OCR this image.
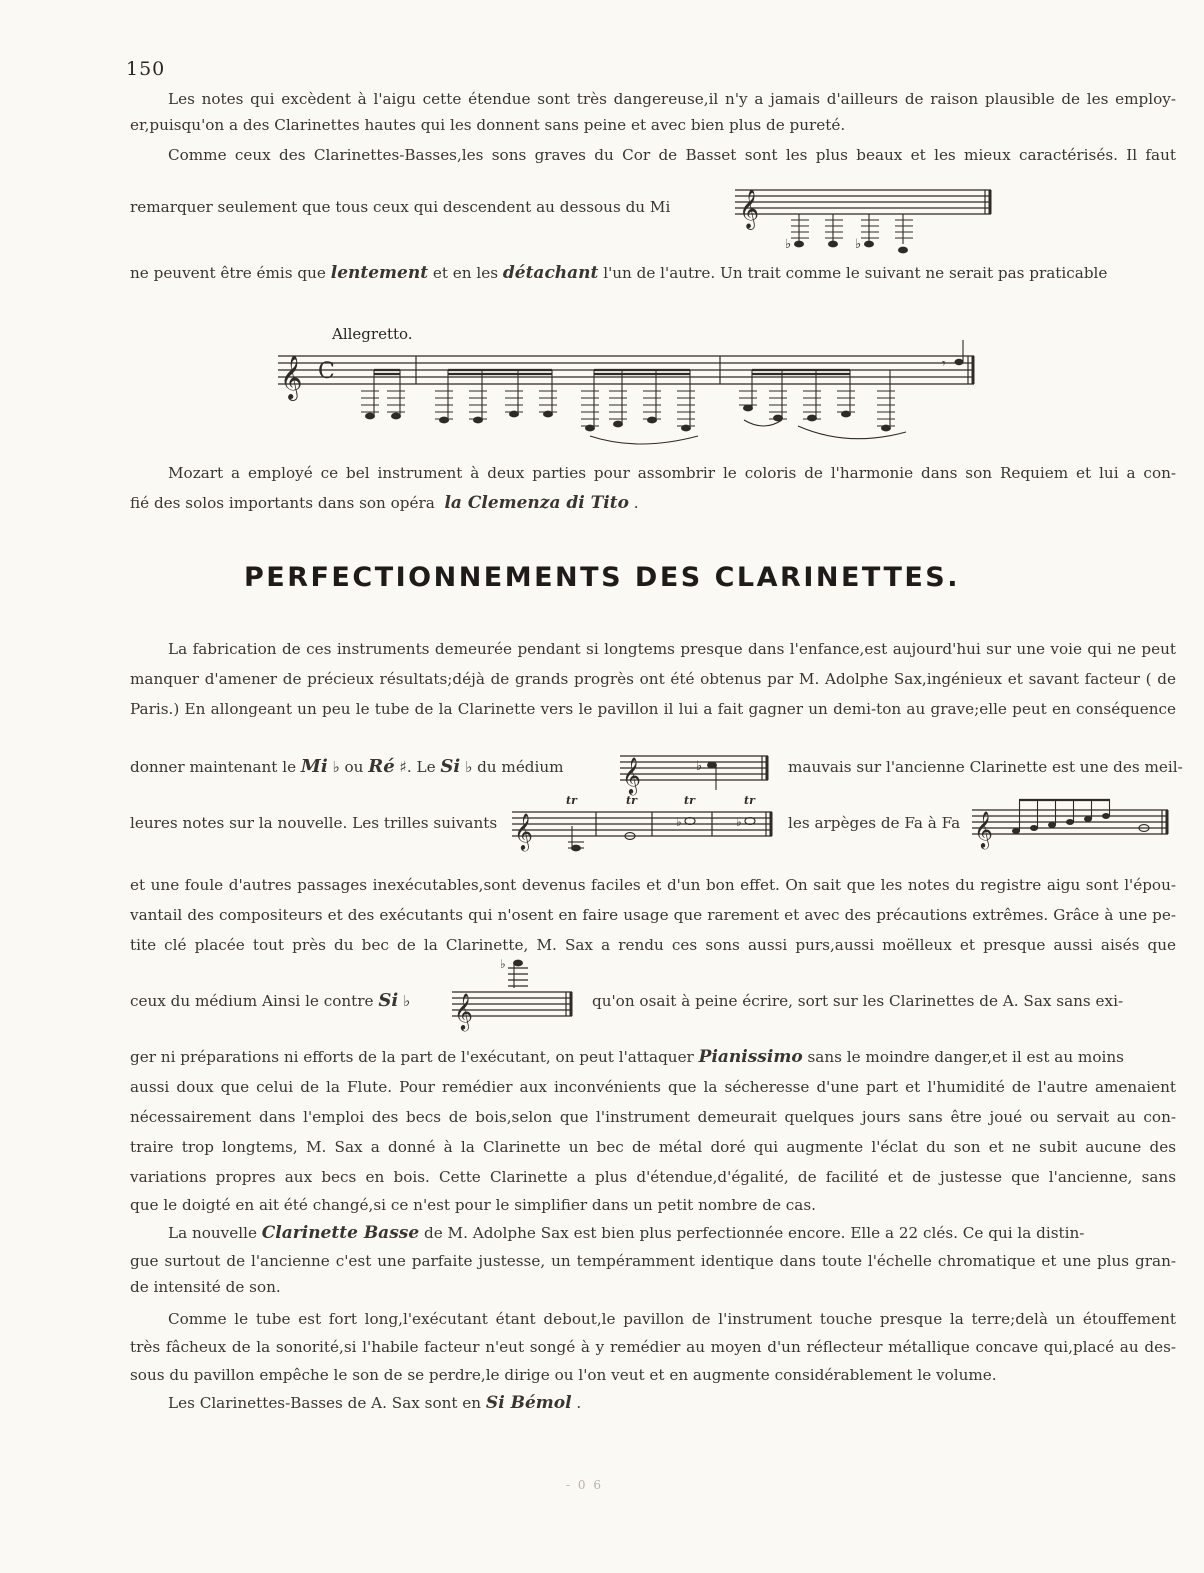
150
Les notes qui excèdent à l'aigu cette étendue sont très dangereuse,il n'y a jamais d'ailleurs de raison plausible de les employ-
er,puisqu'on a des Clarinettes hautes qui les donnent sans peine et avec bien plus de pureté.
Comme ceux des Clarinettes-Basses,les sons graves du Cor de Basset sont les plus beaux et les mieux caractérisés. Il faut
remarquer seulement que tous ceux qui descendent au dessous du Mi 𝄞
♭	♭
ne peuvent être émis que lentement et en les détachant l'un de l'autre. Un trait comme le suivant ne serait pas praticable
Allegretto.
𝄞 C	𝄾
Mozart a employé ce bel instrument à deux parties pour assombrir le coloris de l'harmonie dans son Requiem et lui a con-
fié des solos importants dans son opéra la Clemenza di Tito .
PERFECTIONNEMENTS DES CLARINETTES.
La fabrication de ces instruments demeurée pendant si longtems presque dans l'enfance,est aujourd'hui sur une voie qui ne peut
manquer d'amener de précieux résultats;déjà de grands progrès ont été obtenus par M. Adolphe Sax,ingénieux et savant facteur ( de
Paris.) En allongeant un peu le tube de la Clarinette vers le pavillon il lui a fait gagner un demi-ton au grave;elle peut en conséquence
donner maintenant le Mi ♭ ou Ré ♯. Le Si ♭ du médium 𝄞	♭	mauvais sur l'ancienne Clarinette est une des meil-
leures notes sur la nouvelle. Les trilles suivants 𝄞
tr	tr	tr	tr
♭	♭	les arpèges de Fa à Fa 𝄞
et une foule d'autres passages inexécutables,sont devenus faciles et d'un bon effet. On sait que les notes du registre aigu sont l'épou-
vantail des compositeurs et des exécutants qui n'osent en faire usage que rarement et avec des précautions extrêmes. Grâce à une pe-
tite clé placée tout près du bec de la Clarinette, M. Sax a rendu ces sons aussi purs,aussi moëlleux et presque aussi aisés que
ceux du médium Ainsi le contre Si ♭ 𝄞
♭
qu'on osait à peine écrire, sort sur les Clarinettes de A. Sax sans exi-
ger ni préparations ni efforts de la part de l'exécutant, on peut l'attaquer Pianissimo sans le moindre danger,et il est au moins
aussi doux que celui de la Flute. Pour remédier aux inconvénients que la sécheresse d'une part et l'humidité de l'autre amenaient
nécessairement dans l'emploi des becs de bois,selon que l'instrument demeurait quelques jours sans être joué ou servait au con-
traire trop longtems, M. Sax a donné à la Clarinette un bec de métal doré qui augmente l'éclat du son et ne subit aucune des
variations propres aux becs en bois. Cette Clarinette a plus d'étendue,d'égalité, de facilité et de justesse que l'ancienne, sans
que le doigté en ait été changé,si ce n'est pour le simplifier dans un petit nombre de cas.
La nouvelle Clarinette Basse de M. Adolphe Sax est bien plus perfectionnée encore. Elle a 22 clés. Ce qui la distin-
gue surtout de l'ancienne c'est une parfaite justesse, un tempéramment identique dans toute l'échelle chromatique et une plus gran-
de intensité de son.
Comme le tube est fort long,l'exécutant étant debout,le pavillon de l'instrument touche presque la terre;delà un étouffement
très fâcheux de la sonorité,si l'habile facteur n'eut songé à y remédier au moyen d'un réflecteur métallique concave qui,placé au des-
sous du pavillon empêche le son de se perdre,le dirige ou l'on veut et en augmente considérablement le volume.
Les Clarinettes-Basses de A. Sax sont en Si Bémol .
- 0 6
